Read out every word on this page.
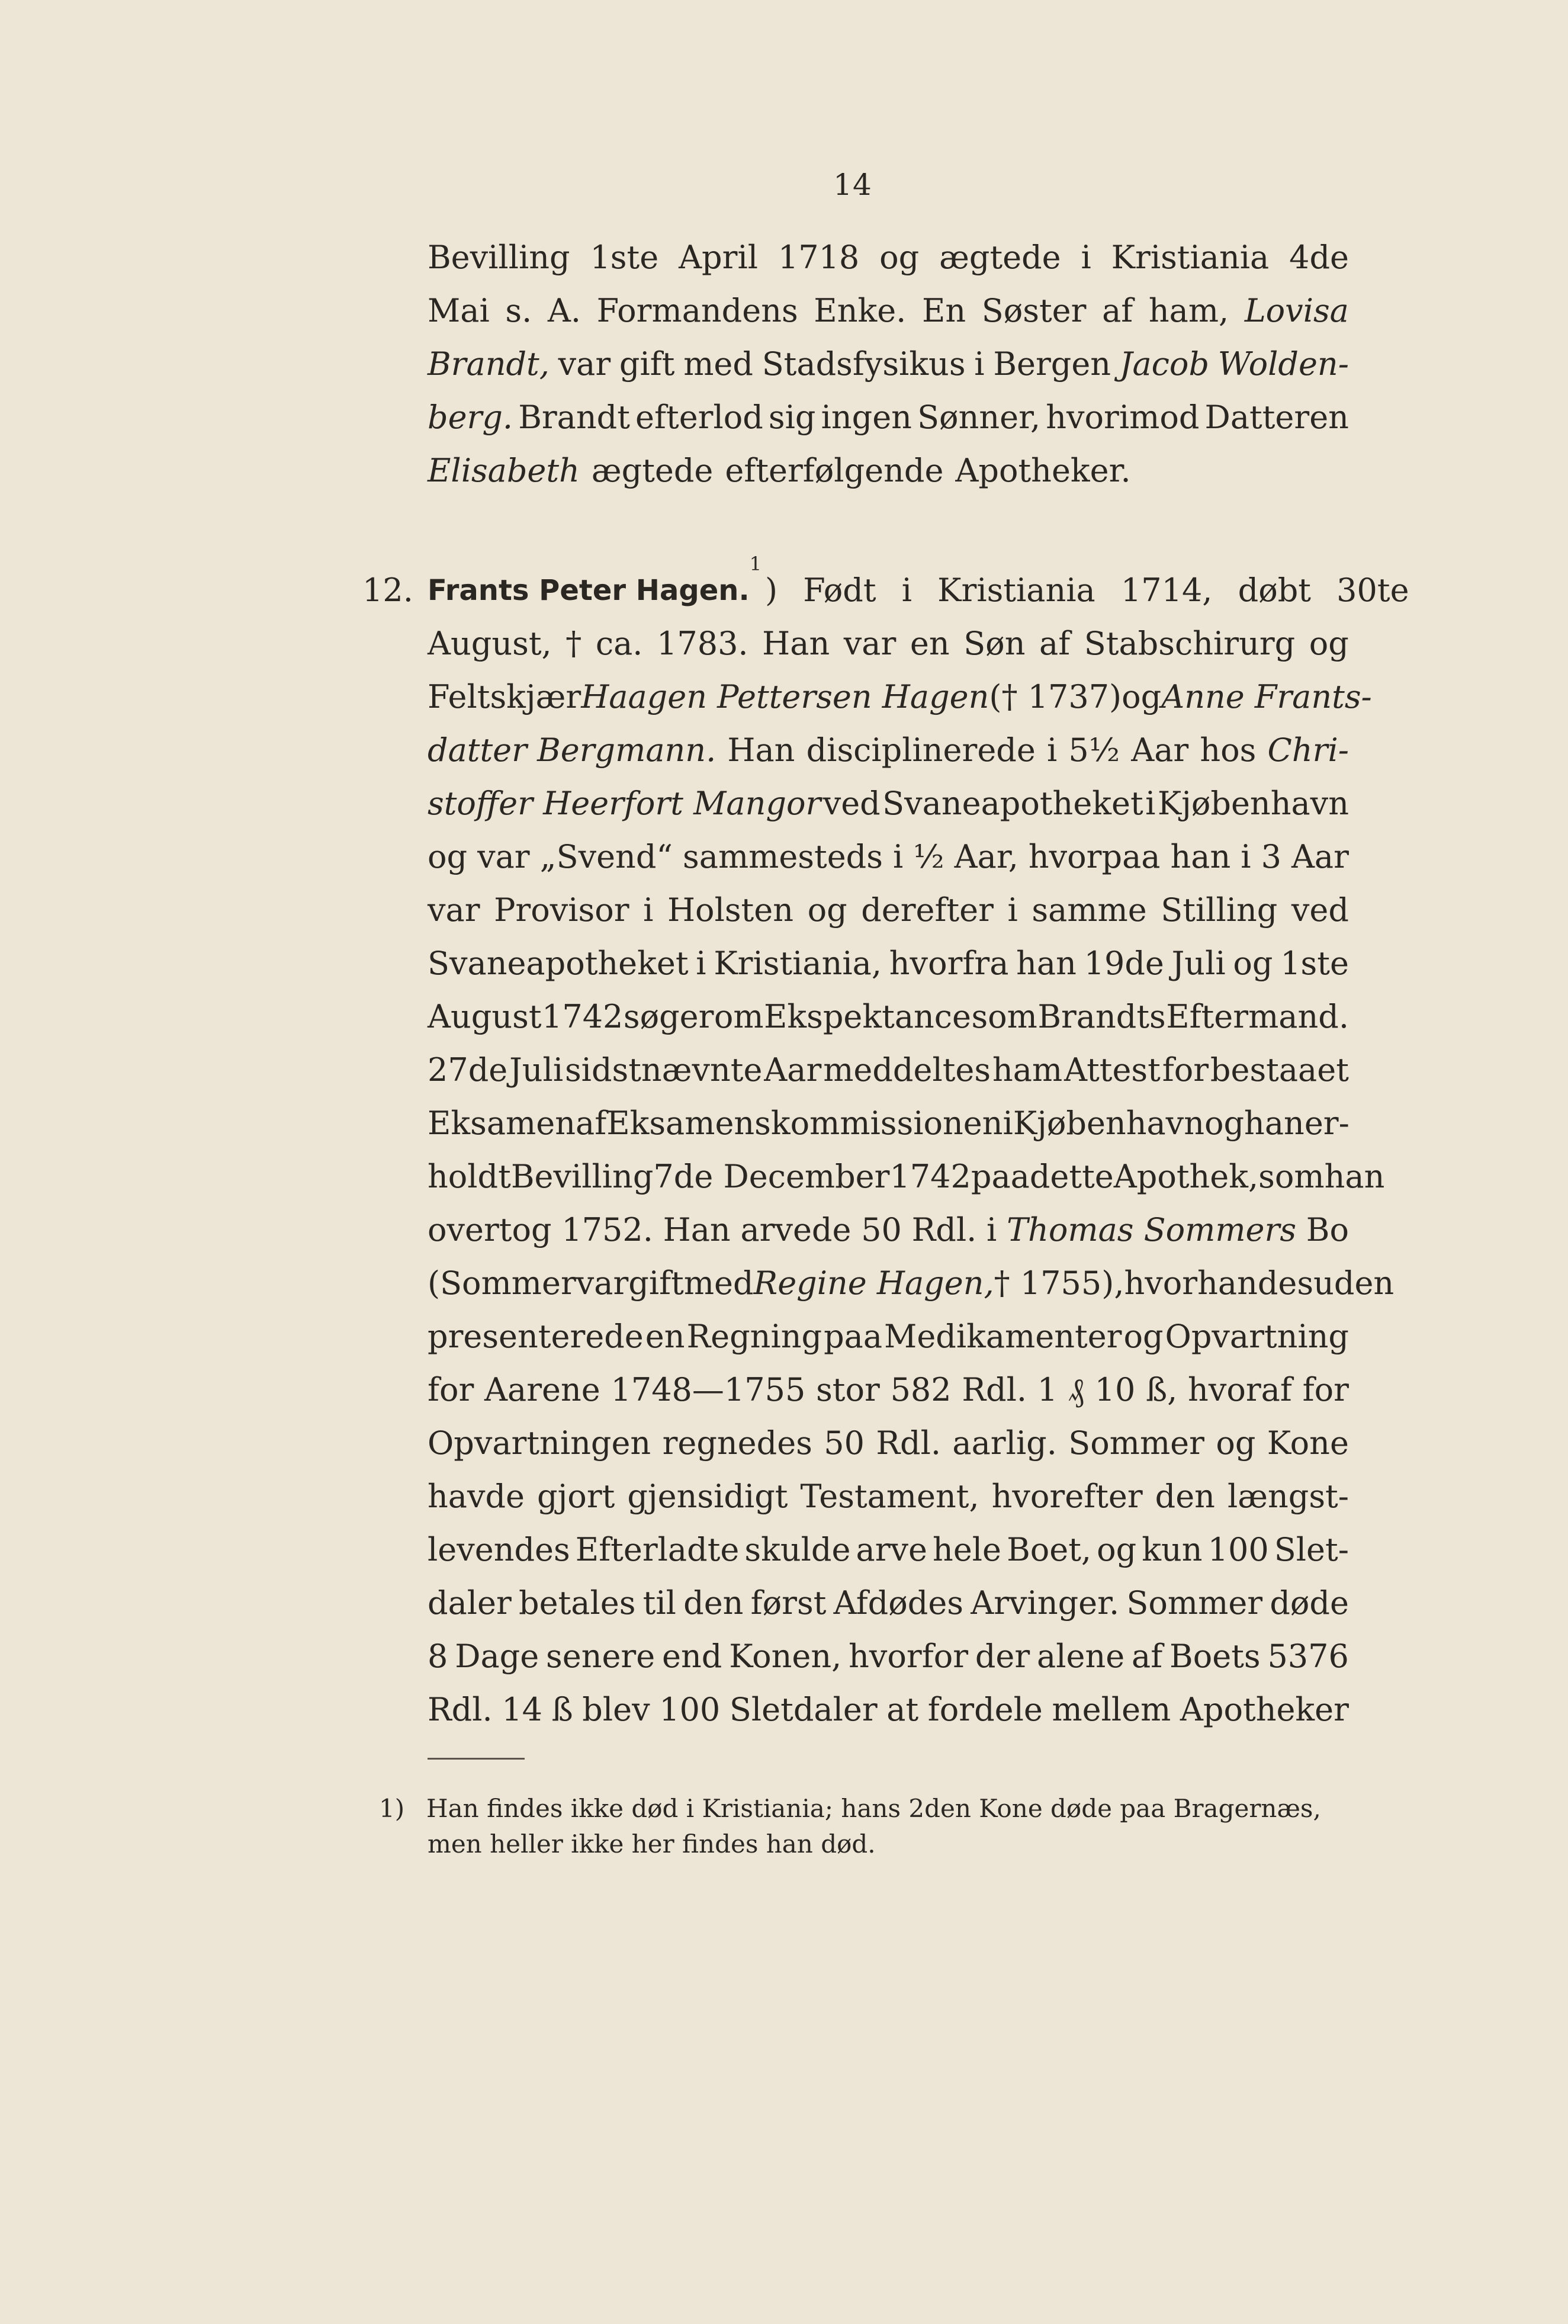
14
Bevilling 1ste April 1718 og ægtede i Kristiania 4de
Mai s. A. Formandens Enke. En Søster af ham, Lovisa
Brandt, var gift med Stadsfysikus i Bergen Jacob Wolden-
berg. Brandt efterlod sig ingen Sønner, hvorimod Datteren
Elisabeth ægtede efterfølgende Apotheker.
12. Frants Peter Hagen.
1
) Født i Kristiania 1714, døbt 30te
August, † ca. 1783. Han var en Søn af Stabschirurg og
Feltskjær Haagen Pettersen Hagen († 1737) og Anne Frants-
datter Bergmann. Han disciplinerede i 5½ Aar hos Chri-
stoffer Heerfort Mangor ved Svaneapotheket i Kjøbenhavn
og var „Svend“ sammesteds i ½ Aar, hvorpaa han i 3 Aar
var Provisor i Holsten og derefter i samme Stilling ved
Svaneapotheket i Kristiania, hvorfra han 19de Juli og 1ste
August 1742 søger om Ekspektance som Brandts Eftermand.
27de Juli sidstnævnte Aar meddeltes ham Attest for bestaaet
Eksamen af Eksamenskommissionen i Kjøbenhavn og han er-
holdt Bevilling 7de December 1742 paa dette Apothek, som han
overtog 1752. Han arvede 50 Rdl. i Thomas Sommers Bo
(Sommer var gift med Regine Hagen, † 1755), hvor han desuden
presenterede en Regning paa Medikamenter og Opvartning
for Aarene 1748—1755 stor 582 Rdl. 1 ₰ 10 ß, hvoraf for
Opvartningen regnedes 50 Rdl. aarlig. Sommer og Kone
havde gjort gjensidigt Testament, hvorefter den længst-
levendes Efterladte skulde arve hele Boet, og kun 100 Slet-
daler betales til den først Afdødes Arvinger. Sommer døde
8 Dage senere end Konen, hvorfor der alene af Boets 5376
Rdl. 14 ß blev 100 Sletdaler at fordele mellem Apotheker
1) Han findes ikke død i Kristiania; hans 2den Kone døde paa Bragernæs,
men heller ikke her findes han død.
